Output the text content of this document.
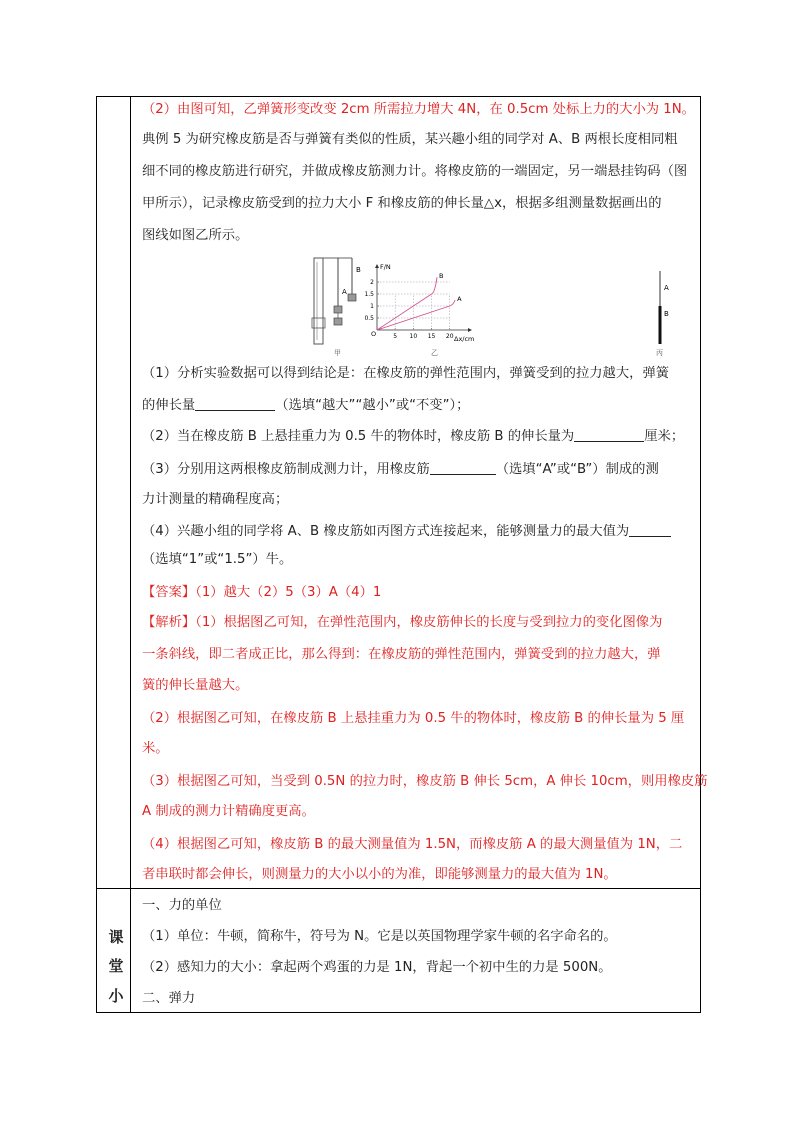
（2）由图可知，乙弹簧形变改变 2cm 所需拉力增大 4N，在 0.5cm 处标上力的大小为 1N。
典例 5 为研究橡皮筋是否与弹簧有类似的性质，某兴趣小组的同学对 A、B 两根长度相同粗
细不同的橡皮筋进行研究，并做成橡皮筋测力计。将橡皮筋的一端固定，另一端悬挂钩码（图
甲所示），记录橡皮筋受到的拉力大小 F 和橡皮筋的伸长量△x，根据多组测量数据画出的
图线如图乙所示。
A
B
甲
0.5
1
1.5
2
5 10 15 20
A
B
F/N
Δx/cm
O
乙
A
B
丙
（1）分析实验数据可以得到结论是：在橡皮筋的弹性范围内，弹簧受到的拉力越大，弹簧
的伸长量	（选填“越大”“越小”或“不变”）；
（2）当在橡皮筋 B 上悬挂重力为 0.5 牛的物体时，橡皮筋 B 的伸长量为	厘米；
（3）分别用这两根橡皮筋制成测力计，用橡皮筋	（选填“A”或“B”）制成的测
力计测量的精确程度高；
（4）兴趣小组的同学将 A、B 橡皮筋如丙图方式连接起来，能够测量力的最大值为
（选填“1”或“1.5”）牛。
【答案】（1）越大（2）5（3）A（4）1
【解析】（1）根据图乙可知，在弹性范围内，橡皮筋伸长的长度与受到拉力的变化图像为
一条斜线，即二者成正比，那么得到：在橡皮筋的弹性范围内，弹簧受到的拉力越大，弹
簧的伸长量越大。
（2）根据图乙可知，在橡皮筋 B 上悬挂重力为 0.5 牛的物体时，橡皮筋 B 的伸长量为 5 厘
米。
（3）根据图乙可知，当受到 0.5N 的拉力时，橡皮筋 B 伸长 5cm，A 伸长 10cm，则用橡皮筋
A 制成的测力计精确度更高。
（4）根据图乙可知，橡皮筋 B 的最大测量值为 1.5N，而橡皮筋 A 的最大测量值为 1N，二
者串联时都会伸长，则测量力的大小以小的为准，即能够测量力的最大值为 1N。
课
堂
小
一、力的单位
（1）单位：牛顿，简称牛，符号为 N。它是以英国物理学家牛顿的名字命名的。
（2）感知力的大小：拿起两个鸡蛋的力是 1N，背起一个初中生的力是 500N。
二、弹力
